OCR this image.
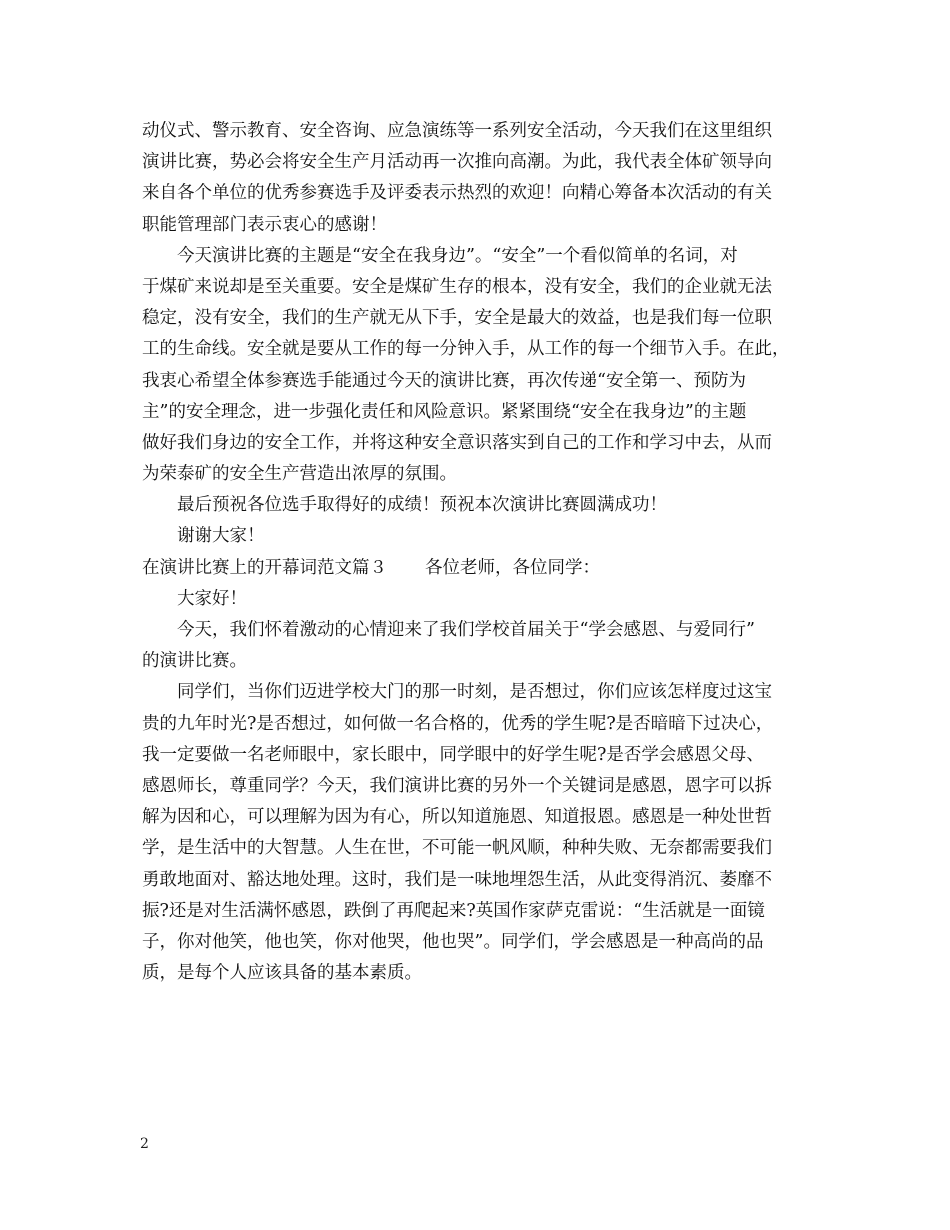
动仪式、警示教育、安全咨询、应急演练等一系列安全活动，今天我们在这里组织
演讲比赛，势必会将安全生产月活动再一次推向高潮。为此，我代表全体矿领导向
来自各个单位的优秀参赛选手及评委表示热烈的欢迎！向精心筹备本次活动的有关
职能管理部门表示衷心的感谢！
今天演讲比赛的主题是“安全在我身边”。“安全”一个看似简单的名词，对
于煤矿来说却是至关重要。安全是煤矿生存的根本，没有安全，我们的企业就无法
稳定，没有安全，我们的生产就无从下手，安全是最大的效益，也是我们每一位职
工的生命线。安全就是要从工作的每一分钟入手，从工作的每一个细节入手。在此，
我衷心希望全体参赛选手能通过今天的演讲比赛，再次传递“安全第一、预防为
主”的安全理念，进一步强化责任和风险意识。紧紧围绕“安全在我身边”的主题
做好我们身边的安全工作，并将这种安全意识落实到自己的工作和学习中去，从而
为荣泰矿的安全生产营造出浓厚的氛围。
最后预祝各位选手取得好的成绩！预祝本次演讲比赛圆满成功！
谢谢大家！
在演讲比赛上的开幕词范文篇３ 各位老师，各位同学：
大家好！
今天，我们怀着激动的心情迎来了我们学校首届关于“学会感恩、与爱同行”
的演讲比赛。
同学们，当你们迈进学校大门的那一时刻，是否想过，你们应该怎样度过这宝
贵的九年时光?是否想过，如何做一名合格的，优秀的学生呢?是否暗暗下过决心，
我一定要做一名老师眼中，家长眼中，同学眼中的好学生呢?是否学会感恩父母、
感恩师长，尊重同学？今天，我们演讲比赛的另外一个关键词是感恩，恩字可以拆
解为因和心，可以理解为因为有心，所以知道施恩、知道报恩。感恩是一种处世哲
学，是生活中的大智慧。人生在世，不可能一帆风顺，种种失败、无奈都需要我们
勇敢地面对、豁达地处理。这时，我们是一味地埋怨生活，从此变得消沉、萎靡不
振?还是对生活满怀感恩，跌倒了再爬起来?英国作家萨克雷说：“生活就是一面镜
子，你对他笑，他也笑，你对他哭，他也哭”。同学们，学会感恩是一种高尚的品
质，是每个人应该具备的基本素质。
2
